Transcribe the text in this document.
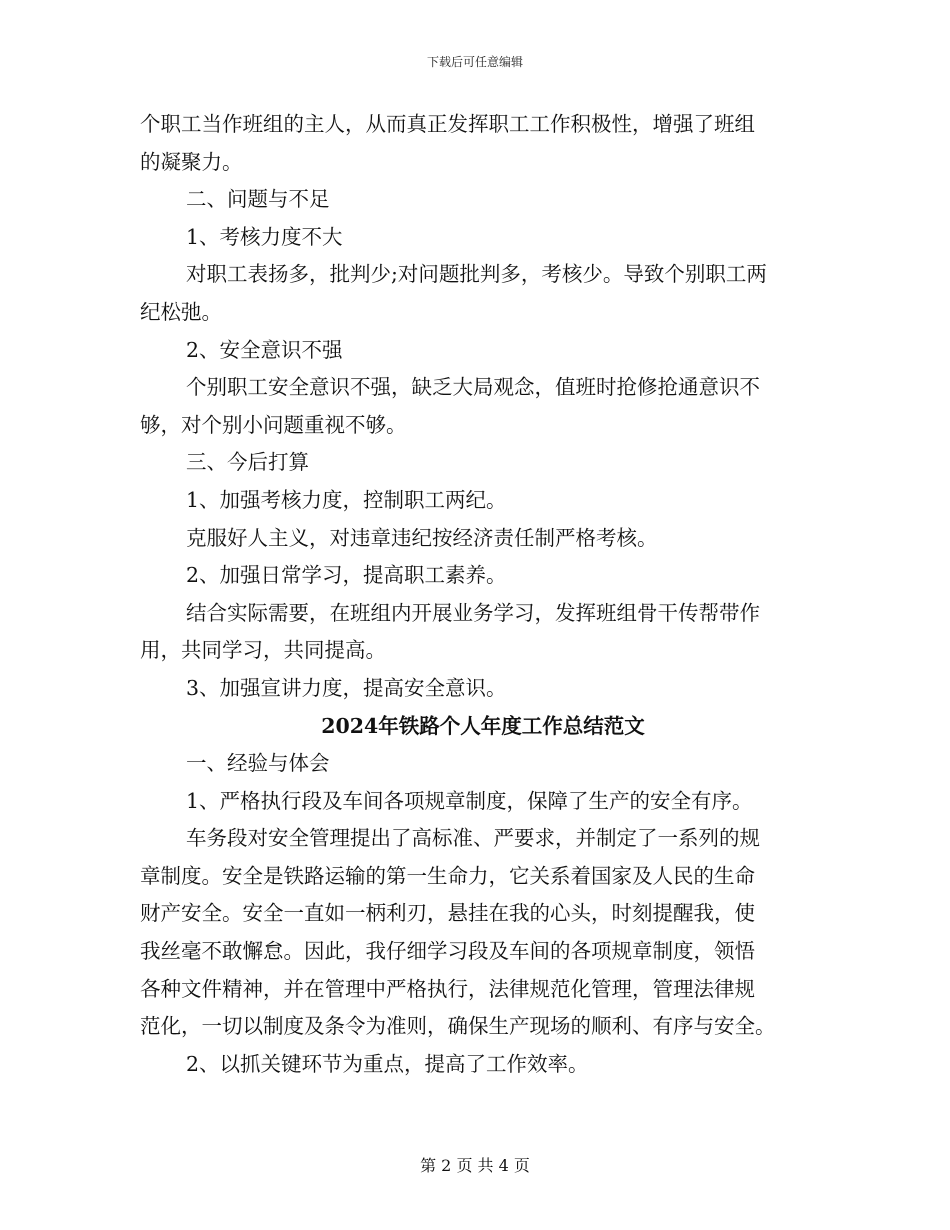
下载后可任意编辑

个职工当作班组的主人，从而真正发挥职工工作积极性，增强了班组

的凝聚力。

二、问题与不足

1、考核力度不大

对职工表扬多，批判少;对问题批判多，考核少。导致个别职工两

纪松弛。

2、安全意识不强

个别职工安全意识不强，缺乏大局观念，值班时抢修抢通意识不

够，对个别小问题重视不够。

三、今后打算

1、加强考核力度，控制职工两纪。

克服好人主义，对违章违纪按经济责任制严格考核。

2、加强日常学习，提高职工素养。

结合实际需要，在班组内开展业务学习，发挥班组骨干传帮带作

用，共同学习，共同提高。

3、加强宣讲力度，提高安全意识。

2024年铁路个人年度工作总结范文

一、经验与体会

1、严格执行段及车间各项规章制度，保障了生产的安全有序。

车务段对安全管理提出了高标准、严要求，并制定了一系列的规

章制度。安全是铁路运输的第一生命力，它关系着国家及人民的生命

财产安全。安全一直如一柄利刃，悬挂在我的心头，时刻提醒我，使

我丝毫不敢懈怠。因此，我仔细学习段及车间的各项规章制度，领悟

各种文件精神，并在管理中严格执行，法律规范化管理，管理法律规

范化，一切以制度及条令为准则，确保生产现场的顺利、有序与安全。

2、以抓关键环节为重点，提高了工作效率。

第 2 页 共 4 页
